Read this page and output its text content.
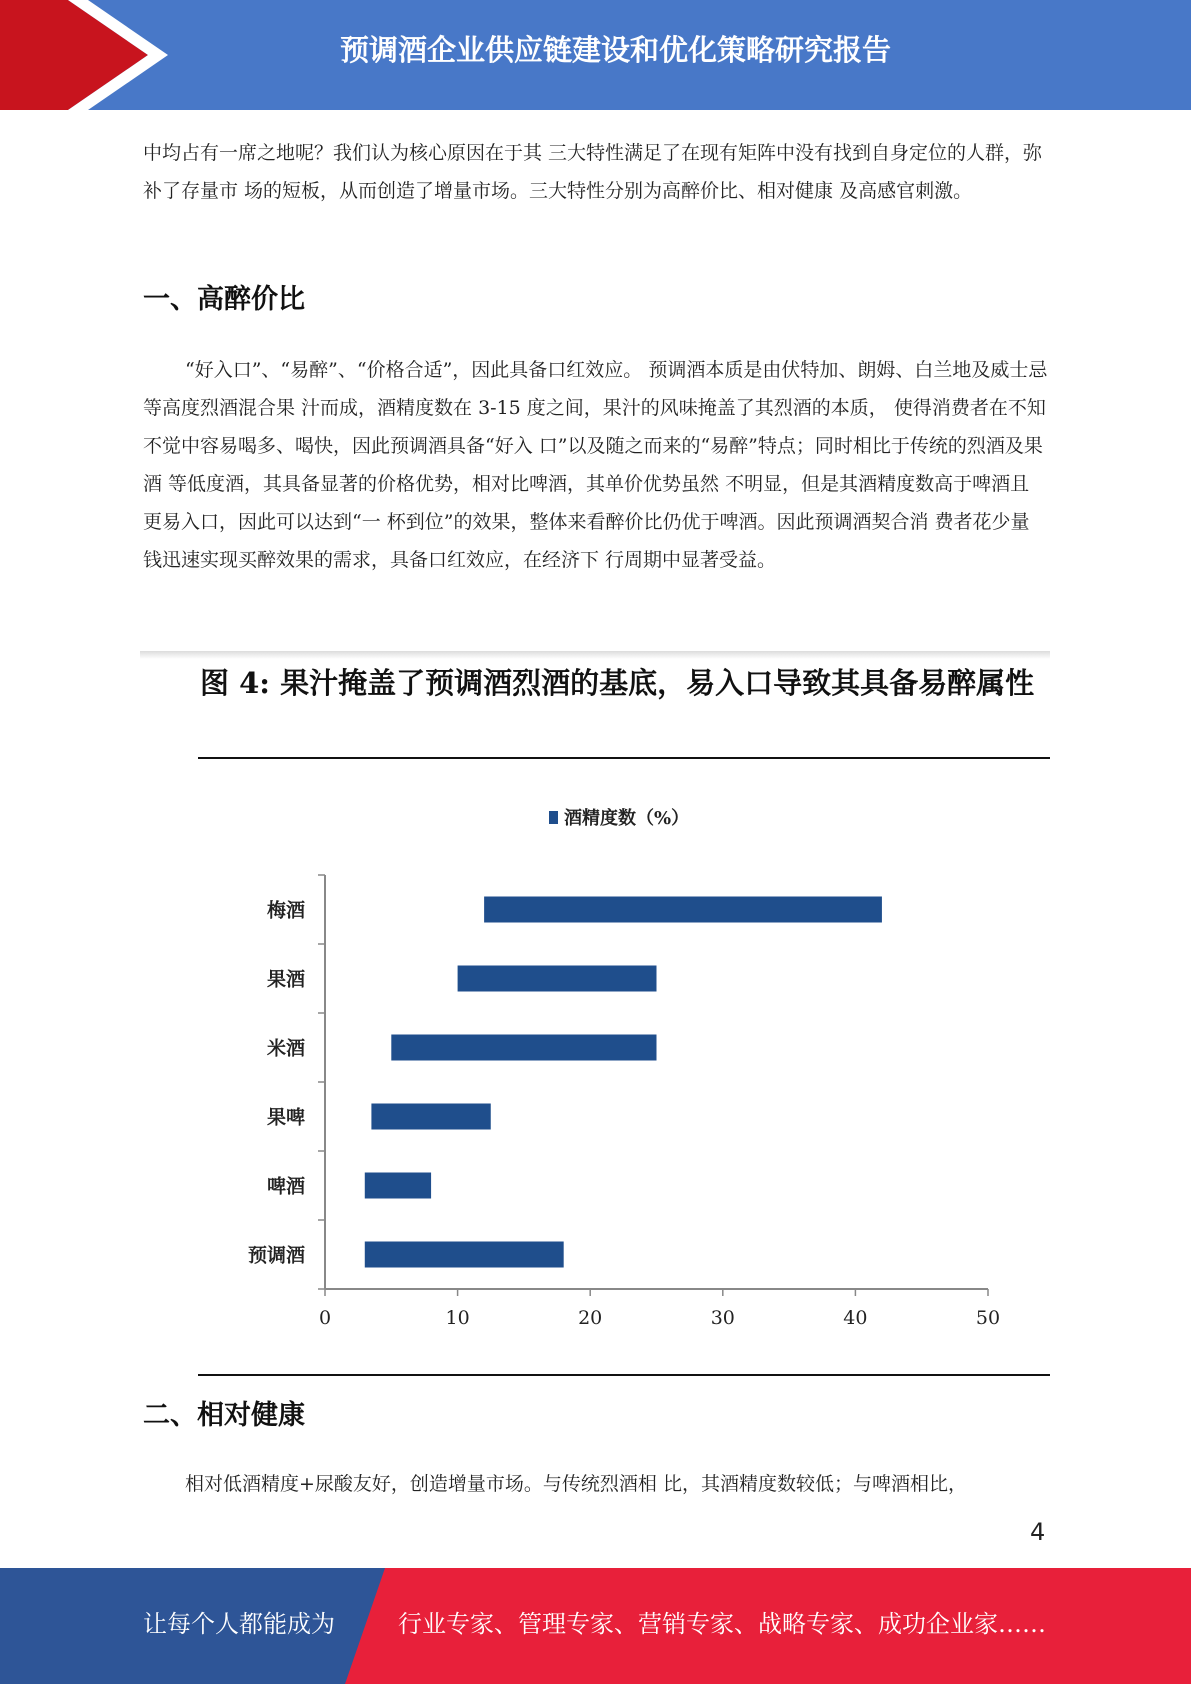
预调酒企业供应链建设和优化策略研究报告

中均占有一席之地呢？我们认为核心原因在于其 三大特性满足了在现有矩阵中没有找到自身定位的人群，弥补了存量市 场的短板，从而创造了增量市场。三大特性分别为高醉价比、相对健康 及高感官刺激。

一、高醉价比

“好入口”、“易醉”、“价格合适”，因此具备口红效应。 预调酒本质是由伏特加、朗姆、白兰地及威士忌等高度烈酒混合果 汁而成，酒精度数在 3-15 度之间，果汁的风味掩盖了其烈酒的本质， 使得消费者在不知不觉中容易喝多、喝快，因此预调酒具备“好入 口”以及随之而来的“易醉”特点；同时相比于传统的烈酒及果酒 等低度酒，其具备显著的价格优势，相对比啤酒，其单价优势虽然 不明显，但是其酒精度数高于啤酒且更易入口，因此可以达到“一 杯到位”的效果，整体来看醉价比仍优于啤酒。因此预调酒契合消 费者花少量钱迅速实现买醉效果的需求，具备口红效应，在经济下 行周期中显著受益。

图 4: 果汁掩盖了预调酒烈酒的基底，易入口导致其具备易醉属性
酒精度数（%）
梅酒
果酒
米酒
果啤
啤酒
预调酒
0	10	20	30	40	50
二、相对健康

相对低酒精度+尿酸友好，创造增量市场。与传统烈酒相 比，其酒精度数较低；与啤酒相比，

4
让每个人都能成为	行业专家、管理专家、营销专家、战略专家、成功企业家……
